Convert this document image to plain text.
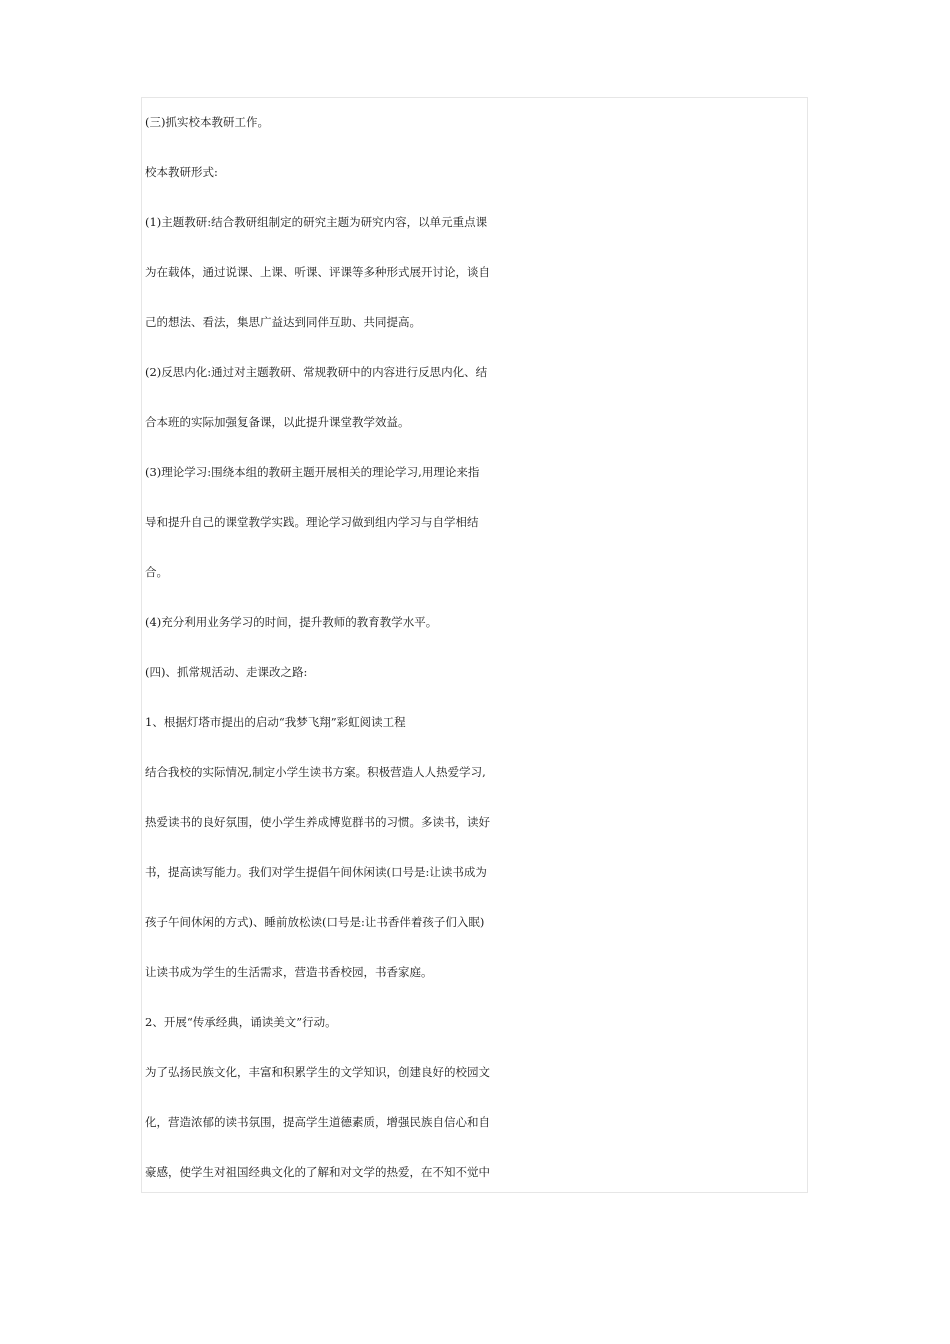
(三)抓实校本教研工作。
校本教研形式:
(1)主题教研:结合教研组制定的研究主题为研究内容，以单元重点课
为在载体，通过说课、上课、听课、评课等多种形式展开讨论，谈自
己的想法、看法，集思广益达到同伴互助、共同提高。
(2)反思内化:通过对主题教研、常规教研中的内容进行反思内化、结
合本班的实际加强复备课，以此提升课堂教学效益。
(3)理论学习:围绕本组的教研主题开展相关的理论学习,用理论来指
导和提升自己的课堂教学实践。理论学习做到组内学习与自学相结
合。
(4)充分利用业务学习的时间，提升教师的教育教学水平。
(四)、抓常规活动、走课改之路:
1、根据灯塔市提出的启动“我梦飞翔”彩虹阅读工程
结合我校的实际情况,制定小学生读书方案。积极营造人人热爱学习,
热爱读书的良好氛围，使小学生养成博览群书的习惯。多读书，读好
书，提高读写能力。我们对学生提倡午间休闲读(口号是:让读书成为
孩子午间休闲的方式)、睡前放松读(口号是:让书香伴着孩子们入眠)
让读书成为学生的生活需求，营造书香校园，书香家庭。
2、开展“传承经典，诵读美文”行动。
为了弘扬民族文化，丰富和积累学生的文学知识，创建良好的校园文
化，营造浓郁的读书氛围，提高学生道德素质，增强民族自信心和自
豪感，使学生对祖国经典文化的了解和对文学的热爱，在不知不觉中
